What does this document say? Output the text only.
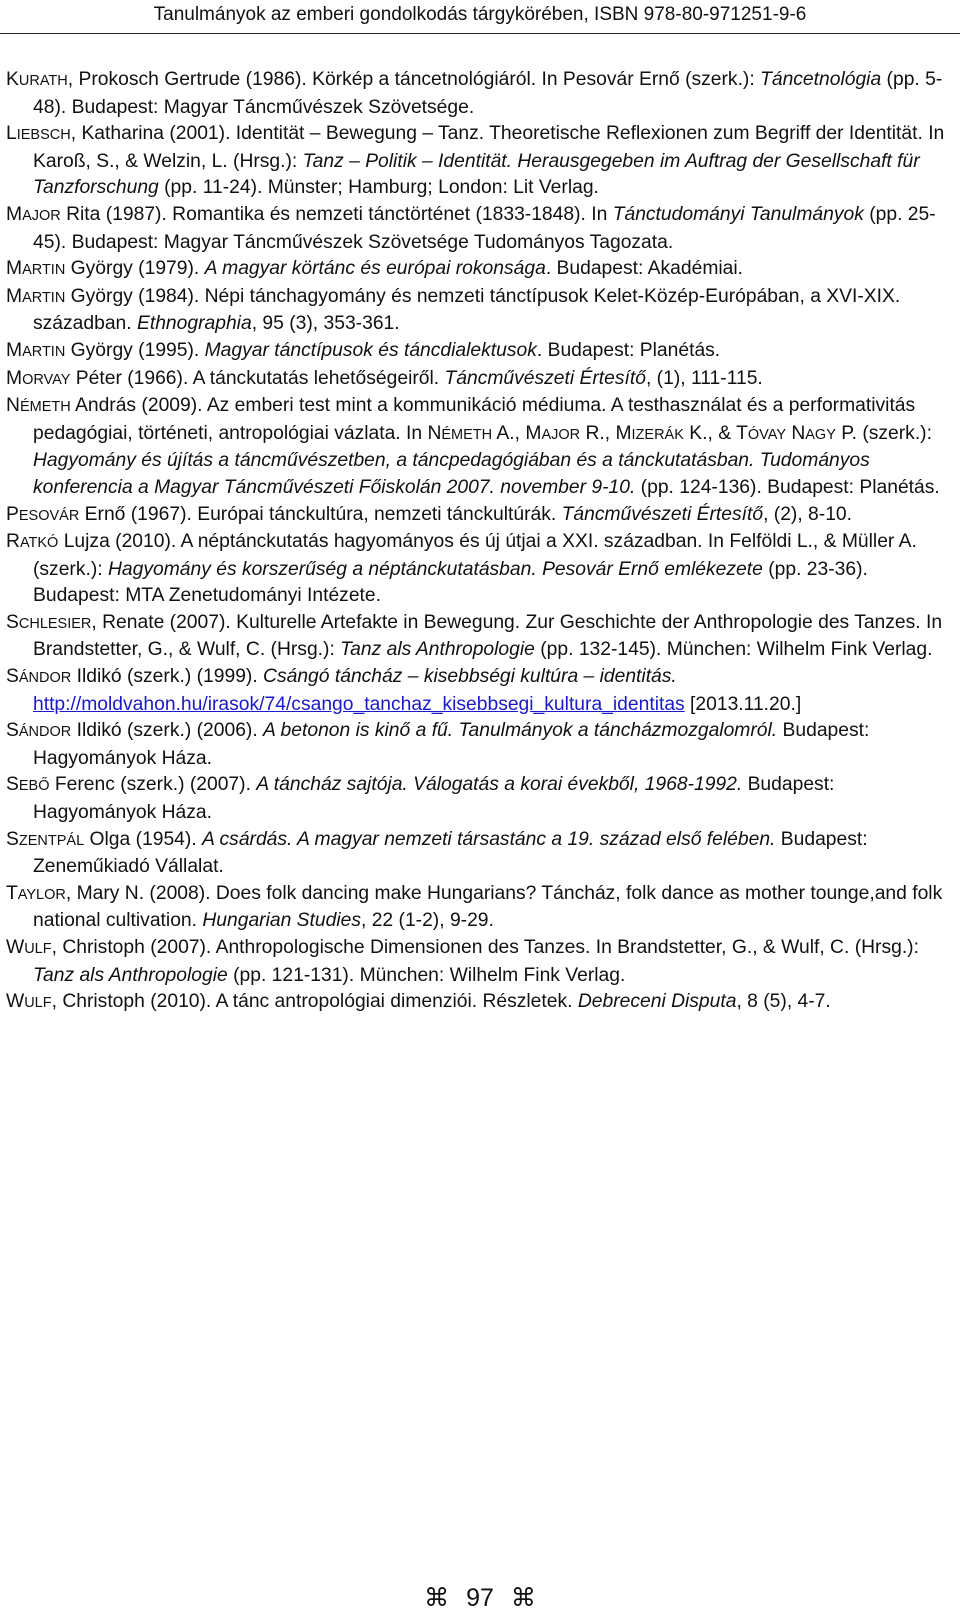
Tanulmányok az emberi gondolkodás tárgykörében, ISBN 978-80-971251-9-6
KURATH, Prokosch Gertrude (1986). Körkép a táncetnológiáról. In Pesovár Ernő (szerk.): Táncetnológia (pp. 5-48). Budapest: Magyar Táncművészek Szövetsége.
LIEBSCH, Katharina (2001). Identität – Bewegung – Tanz. Theoretische Reflexionen zum Begriff der Identität. In Karoß, S., & Welzin, L. (Hrsg.): Tanz – Politik – Identität. Herausgegeben im Auftrag der Gesellschaft für Tanzforschung (pp. 11-24). Münster; Hamburg; London: Lit Verlag.
MAJOR Rita (1987). Romantika és nemzeti tánctörténet (1833-1848). In Tánctudományi Tanulmányok (pp. 25-45). Budapest: Magyar Táncművészek Szövetsége Tudományos Tagozata.
MARTIN György (1979). A magyar körtánc és európai rokonsága. Budapest: Akadémiai.
MARTIN György (1984). Népi tánchagyomány és nemzeti tánctípusok Kelet-Közép-Európában, a XVI-XIX. században. Ethnographia, 95 (3), 353-361.
MARTIN György (1995). Magyar tánctípusok és táncdialektusok. Budapest: Planétás.
MORVAY Péter (1966). A tánckutatás lehetőségeiről. Táncművészeti Értesítő, (1), 111-115.
NÉMETH András (2009). Az emberi test mint a kommunikáció médiuma. A testhasználat és a performativitás pedagógiai, történeti, antropológiai vázlata. In NÉMETH A., MAJOR R., MIZERÁK K., & TÓVAY NAGY P. (szerk.): Hagyomány és újítás a táncművészetben, a táncpedagógiában és a tánckutatásban. Tudományos konferencia a Magyar Táncművészeti Főiskolán 2007. november 9-10. (pp. 124-136). Budapest: Planétás.
PESOVÁR Ernő (1967). Európai tánckultúra, nemzeti tánckultúrák. Táncművészeti Értesítő, (2), 8-10.
RATKÓ Lujza (2010). A néptánckutatás hagyományos és új útjai a XXI. században. In Felföldi L., & Müller A. (szerk.): Hagyomány és korszerűség a néptánckutatásban. Pesovár Ernő emlékezete (pp. 23-36). Budapest: MTA Zenetudományi Intézete.
SCHLESIER, Renate (2007). Kulturelle Artefakte in Bewegung. Zur Geschichte der Anthropologie des Tanzes. In Brandstetter, G., & Wulf, C. (Hrsg.): Tanz als Anthropologie (pp. 132-145). München: Wilhelm Fink Verlag.
SÁNDOR Ildikó (szerk.) (1999). Csángó táncház – kisebbségi kultúra – identitás. http://moldvahon.hu/irasok/74/csango_tanchaz_kisebbsegi_kultura_identitas [2013.11.20.]
SÁNDOR Ildikó (szerk.) (2006). A betonon is kinő a fű. Tanulmányok a táncházmozgalomról. Budapest: Hagyományok Háza.
SEBŐ Ferenc (szerk.) (2007). A táncház sajtója. Válogatás a korai évekből, 1968-1992. Budapest: Hagyományok Háza.
SZENTPÁL Olga (1954). A csárdás. A magyar nemzeti társastánc a 19. század első felében. Budapest: Zeneműkiadó Vállalat.
TAYLOR, Mary N. (2008). Does folk dancing make Hungarians? Táncház, folk dance as mother tounge,and folk national cultivation. Hungarian Studies, 22 (1-2), 9-29.
WULF, Christoph (2007). Anthropologische Dimensionen des Tanzes. In Brandstetter, G., & Wulf, C. (Hrsg.): Tanz als Anthropologie (pp. 121-131). München: Wilhelm Fink Verlag.
WULF, Christoph (2010). A tánc antropológiai dimenziói. Részletek. Debreceni Disputa, 8 (5), 4-7.
⌘ 97 ⌘
